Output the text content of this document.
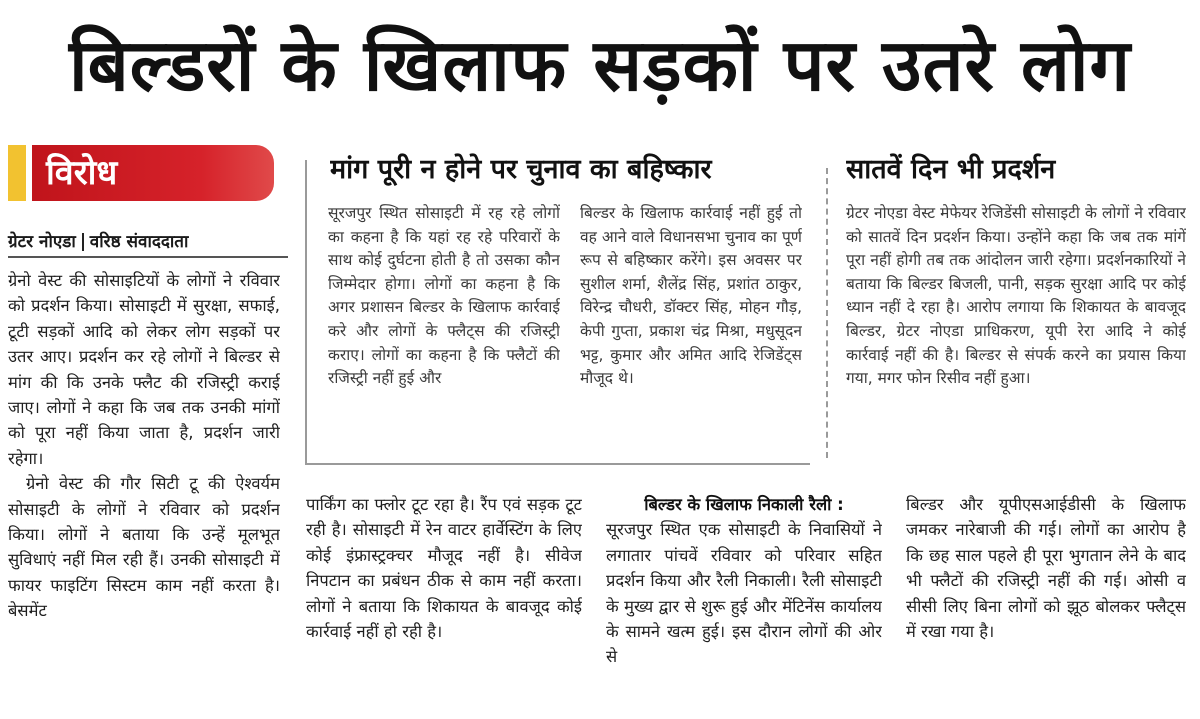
बिल्डरों के खिलाफ सड़कों पर उतरे लोग
विरोध
ग्रेटर नोएडा वरिष्ठ संवाददाता

ग्रेनो वेस्ट की सोसाइटियों के लोगों ने रविवार को प्रदर्शन किया। सोसाइटी में सुरक्षा, सफाई, टूटी सड़कों आदि को लेकर लोग सड़कों पर उतर आए। प्रदर्शन कर रहे लोगों ने बिल्डर से मांग की कि उनके फ्लैट की रजिस्ट्री कराई जाए। लोगों ने कहा कि जब तक उनकी मांगों को पूरा नहीं किया जाता है, प्रदर्शन जारी रहेगा।

ग्रेनो वेस्ट की गौर सिटी टू की ऐश्वर्यम सोसाइटी के लोगों ने रविवार को प्रदर्शन किया। लोगों ने बताया कि उन्हें मूलभूत सुविधाएं नहीं मिल रही हैं। उनकी सोसाइटी में फायर फाइटिंग सिस्टम काम नहीं करता है। बेसमेंट

मांग पूरी न होने पर चुनाव का बहिष्कार
सूरजपुर स्थित सोसाइटी में रह रहे लोगों का कहना है कि यहां रह रहे परिवारों के साथ कोई दुर्घटना होती है तो उसका कौन जिम्मेदार होगा। लोगों का कहना है कि अगर प्रशासन बिल्डर के खिलाफ कार्रवाई करे और लोगों के फ्लैट्स की रजिस्ट्री कराए। लोगों का कहना है कि फ्लैटों की रजिस्ट्री नहीं हुई और
बिल्डर के खिलाफ कार्रवाई नहीं हुई तो वह आने वाले विधानसभा चुनाव का पूर्ण रूप से बहिष्कार करेंगे। इस अवसर पर सुशील शर्मा, शैलेंद्र सिंह, प्रशांत ठाकुर, विरेन्द्र चौधरी, डॉक्टर सिंह, मोहन गौड़, केपी गुप्ता, प्रकाश चंद्र मिश्रा, मधुसूदन भट्ट, कुमार और अमित आदि रेजिडेंट्स मौजूद थे।
सातवें दिन भी प्रदर्शन
ग्रेटर नोएडा वेस्ट मेफेयर रेजिडेंसी सोसाइटी के लोगों ने रविवार को सातवें दिन प्रदर्शन किया। उन्होंने कहा कि जब तक मांगें पूरा नहीं होगी तब तक आंदोलन जारी रहेगा। प्रदर्शनकारियों ने बताया कि बिल्डर बिजली, पानी, सड़क सुरक्षा आदि पर कोई ध्यान नहीं दे रहा है। आरोप लगाया कि शिकायत के बावजूद बिल्डर, ग्रेटर नोएडा प्राधिकरण, यूपी रेरा आदि ने कोई कार्रवाई नहीं की है। बिल्डर से संपर्क करने का प्रयास किया गया, मगर फोन रिसीव नहीं हुआ।
पार्किंग का फ्लोर टूट रहा है। रैंप एवं सड़क टूट रही है। सोसाइटी में रेन वाटर हार्वेस्टिंग के लिए कोई इंफ्रास्ट्रक्चर मौजूद नहीं है। सीवेज निपटान का प्रबंधन ठीक से काम नहीं करता। लोगों ने बताया कि शिकायत के बावजूद कोई कार्रवाई नहीं हो रही है।
बिल्डर के खिलाफ निकाली रैली :
सूरजपुर स्थित एक सोसाइटी के निवासियों ने लगातार पांचवें रविवार को परिवार सहित प्रदर्शन किया और रैली निकाली। रैली सोसाइटी के मुख्य द्वार से शुरू हुई और मेंटिनेंस कार्यालय के सामने खत्म हुई। इस दौरान लोगों की ओर से
बिल्डर और यूपीएसआईडीसी के खिलाफ जमकर नारेबाजी की गई। लोगों का आरोप है कि छह साल पहले ही पूरा भुगतान लेने के बाद भी फ्लैटों की रजिस्ट्री नहीं की गई। ओसी व सीसी लिए बिना लोगों को झूठ बोलकर फ्लैट्स में रखा गया है।
